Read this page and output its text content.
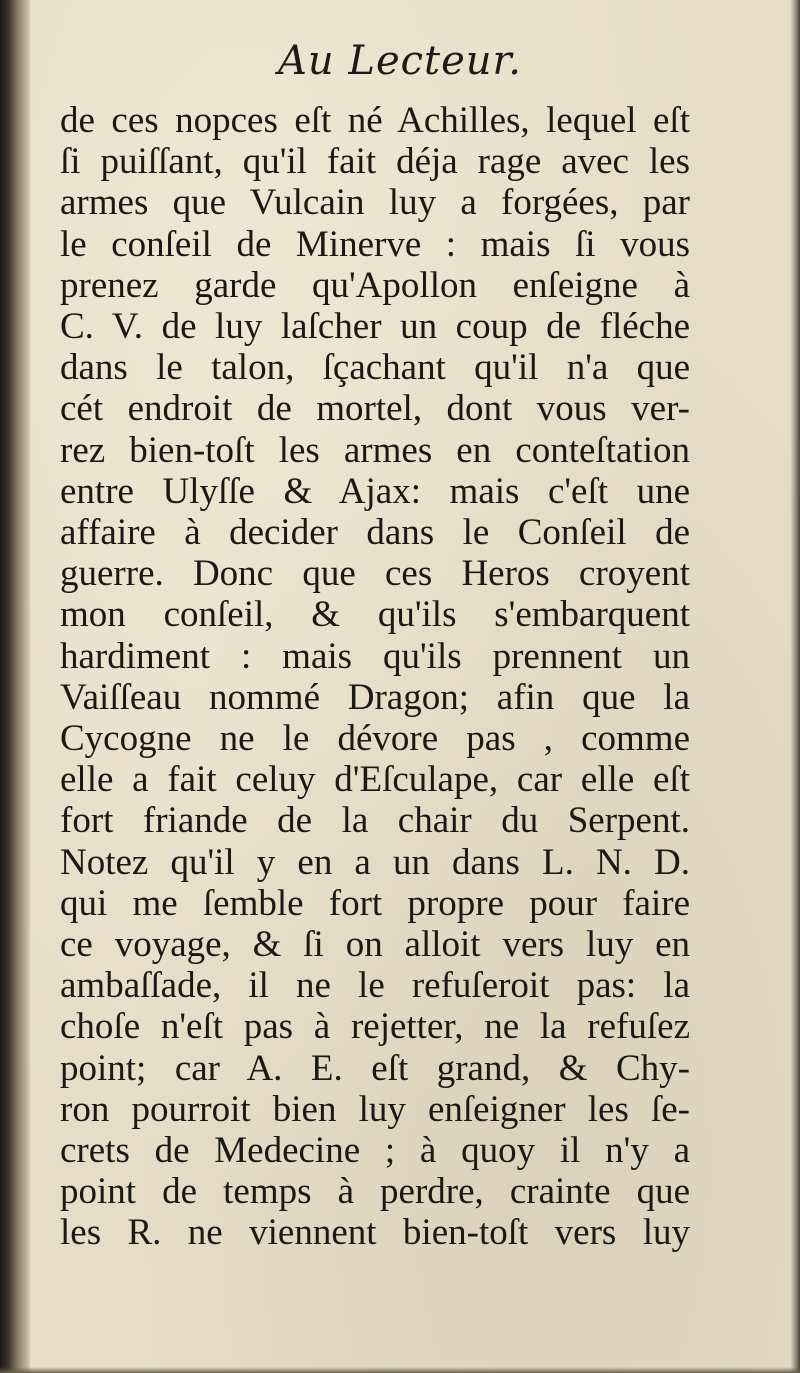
Au Lecteur.
de ces nopces eſt né Achilles, lequel eſt
ſi puiſſant, qu'il fait déja rage avec les
armes que Vulcain luy a forgées, par
le conſeil de Minerve : mais ſi vous
prenez garde qu'Apollon enſeigne à
C. V. de luy laſcher un coup de fléche
dans le talon, ſçachant qu'il n'a que
cét endroit de mortel, dont vous ver-
rez bien-toſt les armes en conteſtation
entre Ulyſſe & Ajax: mais c'eſt une
affaire à decider dans le Conſeil de
guerre. Donc que ces Heros croyent
mon conſeil, & qu'ils s'embarquent
hardiment : mais qu'ils prennent un
Vaiſſeau nommé Dragon; afin que la
Cycogne ne le dévore pas , comme
elle a fait celuy d'Eſculape, car elle eſt
fort friande de la chair du Serpent.
Notez qu'il y en a un dans L. N. D.
qui me ſemble fort propre pour faire
ce voyage, & ſi on alloit vers luy en
ambaſſade, il ne le refuſeroit pas: la
choſe n'eſt pas à rejetter, ne la refuſez
point; car A. E. eſt grand, & Chy-
ron pourroit bien luy enſeigner les ſe-
crets de Medecine ; à quoy il n'y a
point de temps à perdre, crainte que
les R. ne viennent bien-toſt vers luy
